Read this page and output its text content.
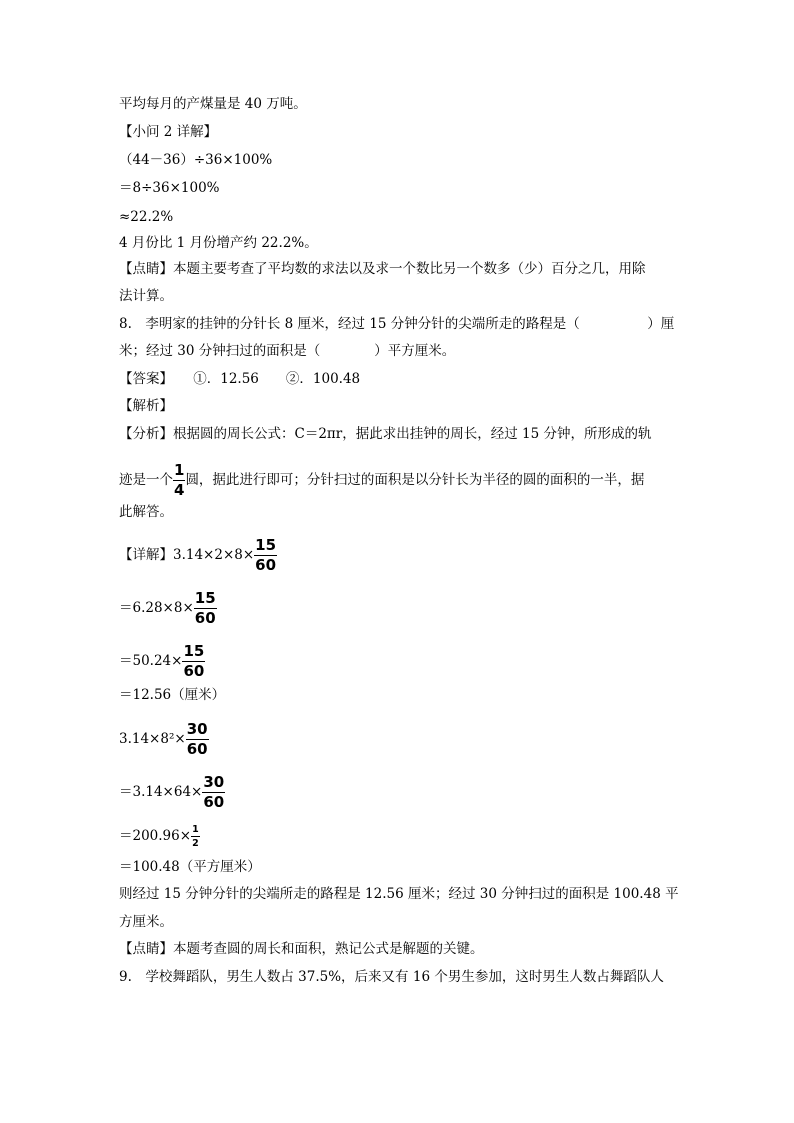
平均每月的产煤量是 40 万吨。
【小问 2 详解】
（44－36）÷36×100%
＝8÷36×100%
≈22.2%
4 月份比 1 月份增产约 22.2%。
【点睛】本题主要考查了平均数的求法以及求一个数比另一个数多（少）百分之几，用除
法计算。
8.　李明家的挂钟的分针长 8 厘米，经过 15 分钟分针的尖端所走的路程是（　　　　　）厘
米；经过 30 分钟扫过的面积是（　　　　）平方厘米。
【答案】　　①．12.56　　②．100.48
【解析】
【分析】根据圆的周长公式：C＝2πr，据此求出挂钟的周长，经过 15 分钟，所形成的轨
迹是一个 $\frac{1}{4}$ 圆，据此进行即可；分针扫过的面积是以分针长为半径的圆的面积的一半，据
此解答。
【详解】$3.14\times 2\times 8\times \frac{15}{60}$
$=6.28\times 8\times \frac{15}{60}$
$=50.24\times \frac{15}{60}$
＝12.56（厘米）
$3.14\times 8^2\times \frac{30}{60}$
$=3.14\times 64\times \frac{30}{60}$
$=200.96\times \frac{1}{2}$
＝100.48（平方厘米）
则经过 15 分钟分针的尖端所走的路程是 12.56 厘米；经过 30 分钟扫过的面积是 100.48 平
方厘米。
【点睛】本题考查圆的周长和面积，熟记公式是解题的关键。
9.　学校舞蹈队，男生人数占 37.5%，后来又有 16 个男生参加，这时男生人数占舞蹈队人
